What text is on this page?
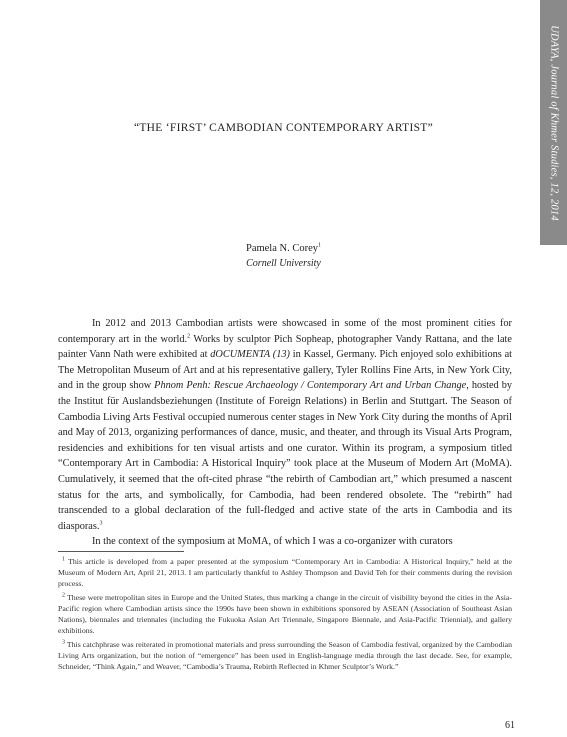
UDAYA, Journal of Khmer Studies, 12, 2014
“THE ‘FIRST’ CAMBODIAN CONTEMPORARY ARTIST”
Pamela N. Corey$^1$
Cornell University

In 2012 and 2013 Cambodian artists were showcased in some of the most prominent cities for contemporary art in the world.$^2$ Works by sculptor Pich Sopheap, photographer Vandy Rattana, and the late painter Vann Nath were exhibited at dOCUMENTA (13) in Kassel, Germany. Pich enjoyed solo exhibitions at The Metropolitan Museum of Art and at his representative gallery, Tyler Rollins Fine Arts, in New York City, and in the group show Phnom Penh: Rescue Archaeology / Contemporary Art and Urban Change, hosted by the Institut für Auslandsbeziehungen (Institute of Foreign Relations) in Berlin and Stuttgart. The Season of Cambodia Living Arts Festival occupied numerous center stages in New York City during the months of April and May of 2013, organizing performances of dance, music, and theater, and through its Visual Arts Program, residencies and exhibitions for ten visual artists and one curator. Within its program, a symposium titled “Contemporary Art in Cambodia: A Historical Inquiry” took place at the Museum of Modern Art (MoMA). Cumulatively, it seemed that the oft-cited phrase “the rebirth of Cambodian art,” which presumed a nascent status for the arts, and symbolically, for Cambodia, had been rendered obsolete. The “rebirth” had transcended to a global declaration of the full-fledged and active state of the arts in Cambodia and its diasporas.$^3$

In the context of the symposium at MoMA, of which I was a co-organizer with curators

$^1$ This article is developed from a paper presented at the symposium “Contemporary Art in Cambodia: A Historical Inquiry,” held at the Museum of Modern Art, April 21, 2013. I am particularly thankful to Ashley Thompson and David Teh for their comments during the revision process.

$^2$ These were metropolitan sites in Europe and the United States, thus marking a change in the circuit of visibility beyond the cities in the Asia-Pacific region where Cambodian artists since the 1990s have been shown in exhibitions sponsored by ASEAN (Association of Southeast Asian Nations), biennales and triennales (including the Fukuoka Asian Art Triennale, Singapore Biennale, and Asia-Pacific Triennial), and gallery exhibitions.

$^3$ This catchphrase was reiterated in promotional materials and press surrounding the Season of Cambodia festival, organized by the Cambodian Living Arts organization, but the notion of “emergence” has been used in English-language media through the last decade. See, for example, Schneider, “Think Again,” and Weaver, “Cambodia’s Trauma, Rebirth Reflected in Khmer Sculptor’s Work.”

61
